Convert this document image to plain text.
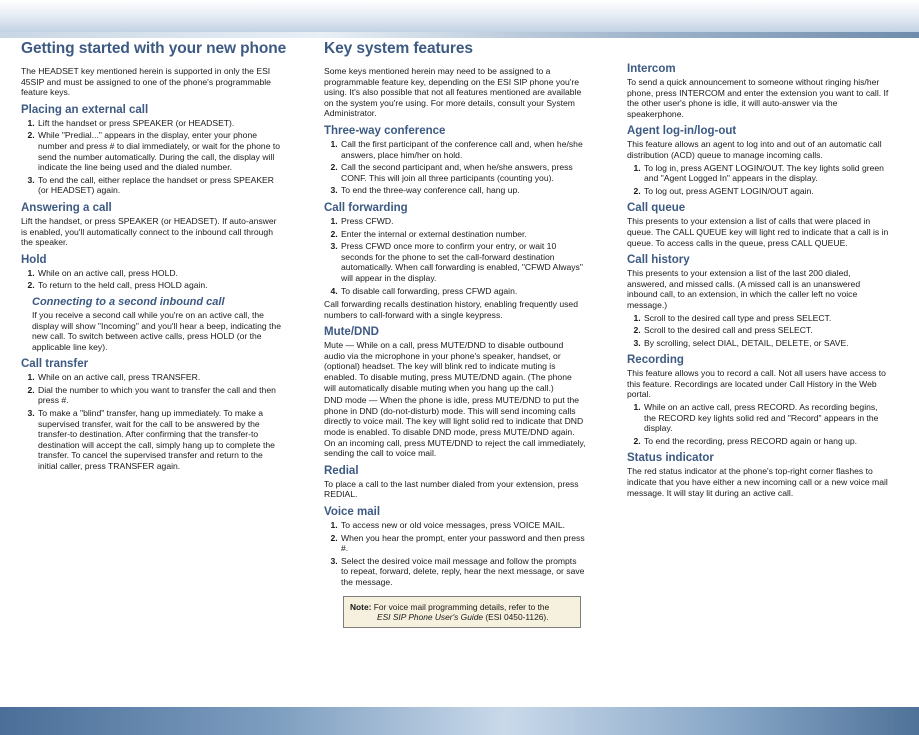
Getting started with your new phone
The HEADSET key mentioned herein is supported in only the ESI 45SIP and must be assigned to one of the phone's programmable feature keys.
Placing an external call
1. Lift the handset or press SPEAKER (or HEADSET).
2. While "Predial..." appears in the display, enter your phone number and press # to dial immediately, or wait for the phone to send the number automatically. During the call, the display will indicate the line being used and the dialed number.
3. To end the call, either replace the handset or press SPEAKER (or HEADSET) again.
Answering a call
Lift the handset, or press SPEAKER (or HEADSET). If auto-answer is enabled, you'll automatically connect to the inbound call through the speaker.
Hold
1. While on an active call, press HOLD.
2. To return to the held call, press HOLD again.
Connecting to a second inbound call
If you receive a second call while you're on an active call, the display will show "Incoming" and you'll hear a beep, indicating the new call. To switch between active calls, press HOLD (or the applicable line key).
Call transfer
1. While on an active call, press TRANSFER.
2. Dial the number to which you want to transfer the call and then press #.
3. To make a "blind" transfer, hang up immediately. To make a supervised transfer, wait for the call to be answered by the transfer-to destination. After confirming that the transfer-to destination will accept the call, simply hang up to complete the transfer. To cancel the supervised transfer and return to the initial caller, press TRANSFER again.
Key system features
Some keys mentioned herein may need to be assigned to a programmable feature key, depending on the ESI SIP phone you're using. It's also possible that not all features mentioned are available on the system you're using. For more details, consult your System Administrator.
Three-way conference
1. Call the first participant of the conference call and, when he/she answers, place him/her on hold.
2. Call the second participant and, when he/she answers, press CONF. This will join all three participants (counting you).
3. To end the three-way conference call, hang up.
Call forwarding
1. Press CFWD.
2. Enter the internal or external destination number.
3. Press CFWD once more to confirm your entry, or wait 10 seconds for the phone to set the call-forward destination automatically. When call forwarding is enabled, "CFWD Always" will appear in the display.
4. To disable call forwarding, press CFWD again.
Call forwarding recalls destination history, enabling frequently used numbers to call-forward with a single keypress.
Mute/DND
Mute — While on a call, press MUTE/DND to disable outbound audio via the microphone in your phone's speaker, handset, or (optional) headset. The key will blink red to indicate muting is enabled. To disable muting, press MUTE/DND again. (The phone will automatically disable muting when you hang up the call.)
DND mode — When the phone is idle, press MUTE/DND to put the phone in DND (do-not-disturb) mode. This will send incoming calls directly to voice mail. The key will light solid red to indicate that DND mode is enabled. To disable DND mode, press MUTE/DND again. On an incoming call, press MUTE/DND to reject the call immediately, sending the call to voice mail.
Redial
To place a call to the last number dialed from your extension, press REDIAL.
Voice mail
1. To access new or old voice messages, press VOICE MAIL.
2. When you hear the prompt, enter your password and then press #.
3. Select the desired voice mail message and follow the prompts to repeat, forward, delete, reply, hear the next message, or save the message.
Note: For voice mail programming details, refer to the
ESI SIP Phone User's Guide (ESI 0450-1126).
Intercom
To send a quick announcement to someone without ringing his/her phone, press INTERCOM and enter the extension you want to call. If the other user's phone is idle, it will auto-answer via the speakerphone.
Agent log-in/log-out
This feature allows an agent to log into and out of an automatic call distribution (ACD) queue to manage incoming calls.
1. To log in, press AGENT LOGIN/OUT. The key lights solid green and "Agent Logged In" appears in the display.
2. To log out, press AGENT LOGIN/OUT again.
Call queue
This presents to your extension a list of calls that were placed in queue. The CALL QUEUE key will light red to indicate that a call is in queue. To access calls in the queue, press CALL QUEUE.
Call history
This presents to your extension a list of the last 200 dialed, answered, and missed calls. (A missed call is an unanswered inbound call, to an extension, in which the caller left no voice message.)
1. Scroll to the desired call type and press SELECT.
2. Scroll to the desired call and press SELECT.
3. By scrolling, select DIAL, DETAIL, DELETE, or SAVE.
Recording
This feature allows you to record a call. Not all users have access to this feature. Recordings are located under Call History in the Web portal.
1. While on an active call, press RECORD. As recording begins, the RECORD key lights solid red and "Record" appears in the display.
2. To end the recording, press RECORD again or hang up.
Status indicator
The red status indicator at the phone's top-right corner flashes to indicate that you have either a new incoming call or a new voice mail message. It will stay lit during an active call.
